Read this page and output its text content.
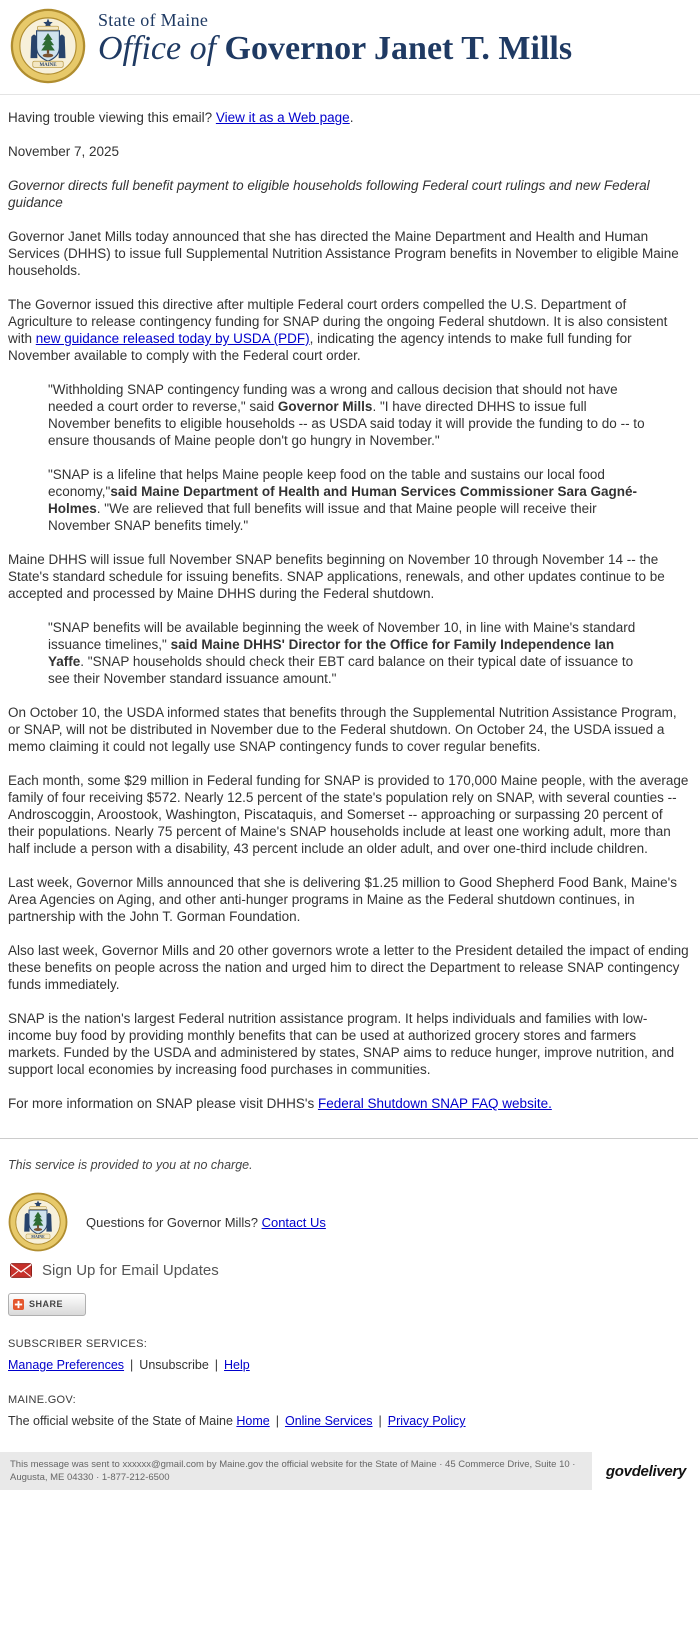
State of Maine
Office of Governor Janet T. Mills

Having trouble viewing this email? View it as a Web page.

November 7, 2025

Governor directs full benefit payment to eligible households following Federal court rulings and new Federal guidance

Governor Janet Mills today announced that she has directed the Maine Department and Health and Human Services (DHHS) to issue full Supplemental Nutrition Assistance Program benefits in November to eligible Maine households.

The Governor issued this directive after multiple Federal court orders compelled the U.S. Department of Agriculture to release contingency funding for SNAP during the ongoing Federal shutdown. It is also consistent with new guidance released today by USDA (PDF), indicating the agency intends to make full funding for November available to comply with the Federal court order.

"Withholding SNAP contingency funding was a wrong and callous decision that should not have needed a court order to reverse," said Governor Mills. "I have directed DHHS to issue full November benefits to eligible households -- as USDA said today it will provide the funding to do -- to ensure thousands of Maine people don't go hungry in November."
"SNAP is a lifeline that helps Maine people keep food on the table and sustains our local food economy,"said Maine Department of Health and Human Services Commissioner Sara Gagné-Holmes. "We are relieved that full benefits will issue and that Maine people will receive their November SNAP benefits timely."

Maine DHHS will issue full November SNAP benefits beginning on November 10 through November 14 -- the State's standard schedule for issuing benefits. SNAP applications, renewals, and other updates continue to be accepted and processed by Maine DHHS during the Federal shutdown.

"SNAP benefits will be available beginning the week of November 10, in line with Maine's standard issuance timelines," said Maine DHHS' Director for the Office for Family Independence Ian Yaffe. "SNAP households should check their EBT card balance on their typical date of issuance to see their November standard issuance amount."

On October 10, the USDA informed states that benefits through the Supplemental Nutrition Assistance Program, or SNAP, will not be distributed in November due to the Federal shutdown. On October 24, the USDA issued a memo claiming it could not legally use SNAP contingency funds to cover regular benefits.

Each month, some $29 million in Federal funding for SNAP is provided to 170,000 Maine people, with the average family of four receiving $572. Nearly 12.5 percent of the state's population rely on SNAP, with several counties -- Androscoggin, Aroostook, Washington, Piscataquis, and Somerset -- approaching or surpassing 20 percent of their populations. Nearly 75 percent of Maine's SNAP households include at least one working adult, more than half include a person with a disability, 43 percent include an older adult, and over one-third include children.

Last week, Governor Mills announced that she is delivering $1.25 million to Good Shepherd Food Bank, Maine's Area Agencies on Aging, and other anti-hunger programs in Maine as the Federal shutdown continues, in partnership with the John T. Gorman Foundation.

Also last week, Governor Mills and 20 other governors wrote a letter to the President detailed the impact of ending these benefits on people across the nation and urged him to direct the Department to release SNAP contingency funds immediately.

SNAP is the nation's largest Federal nutrition assistance program. It helps individuals and families with low-income buy food by providing monthly benefits that can be used at authorized grocery stores and farmers markets. Funded by the USDA and administered by states, SNAP aims to reduce hunger, improve nutrition, and support local economies by increasing food purchases in communities.

For more information on SNAP please visit DHHS's Federal Shutdown SNAP FAQ website.

This service is provided to you at no charge.

Questions for Governor Mills? Contact Us
Sign Up for Email Updates
SHARE
SUBSCRIBER SERVICES:
Manage Preferences | Unsubscribe | Help
MAINE.GOV:
The official website of the State of Maine Home | Online Services | Privacy Policy
This message was sent to xxxxxx@gmail.com by Maine.gov the official website for the State of Maine · 45 Commerce Drive, Suite 10 · Augusta, ME 04330 · 1-877-212-6500	govdelivery
